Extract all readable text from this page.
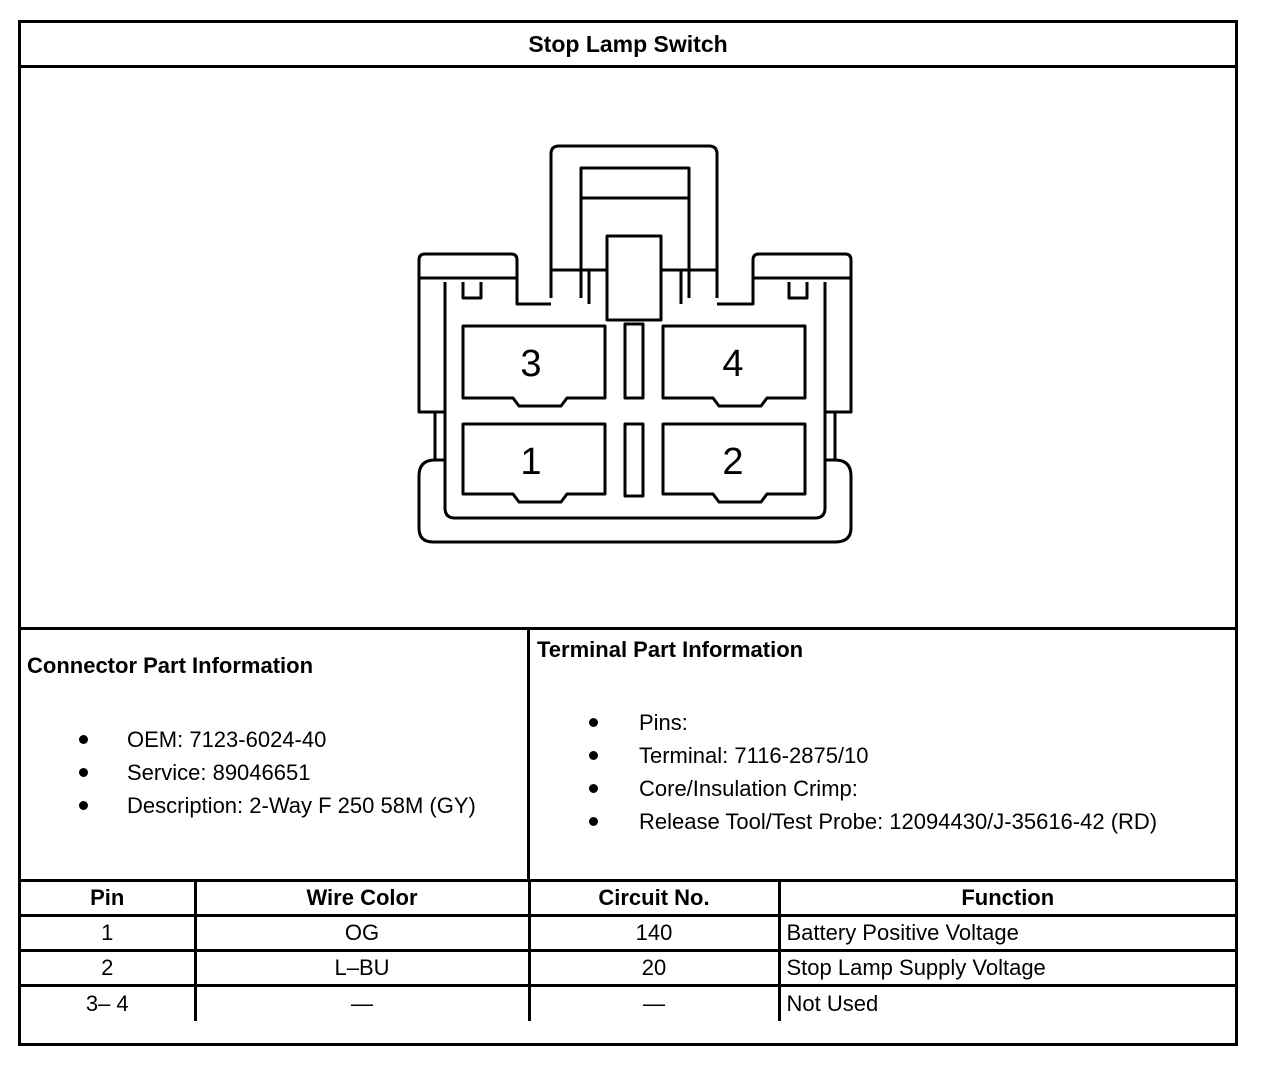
Stop Lamp Switch
3	4
1	2
Connector Part Information
OEM: 7123-6024-40
Service: 89046651
Description: 2-Way F 250 58M (GY)
Terminal Part Information
Pins:
Terminal: 7116-2875/10
Core/Insulation Crimp:
Release Tool/Test Probe: 12094430/J-35616-42 (RD)
Pin	Wire Color	Circuit No.	Function
1	OG	140	Battery Positive Voltage
2	L–BU	20	Stop Lamp Supply Voltage
3– 4	—	—	Not Used
